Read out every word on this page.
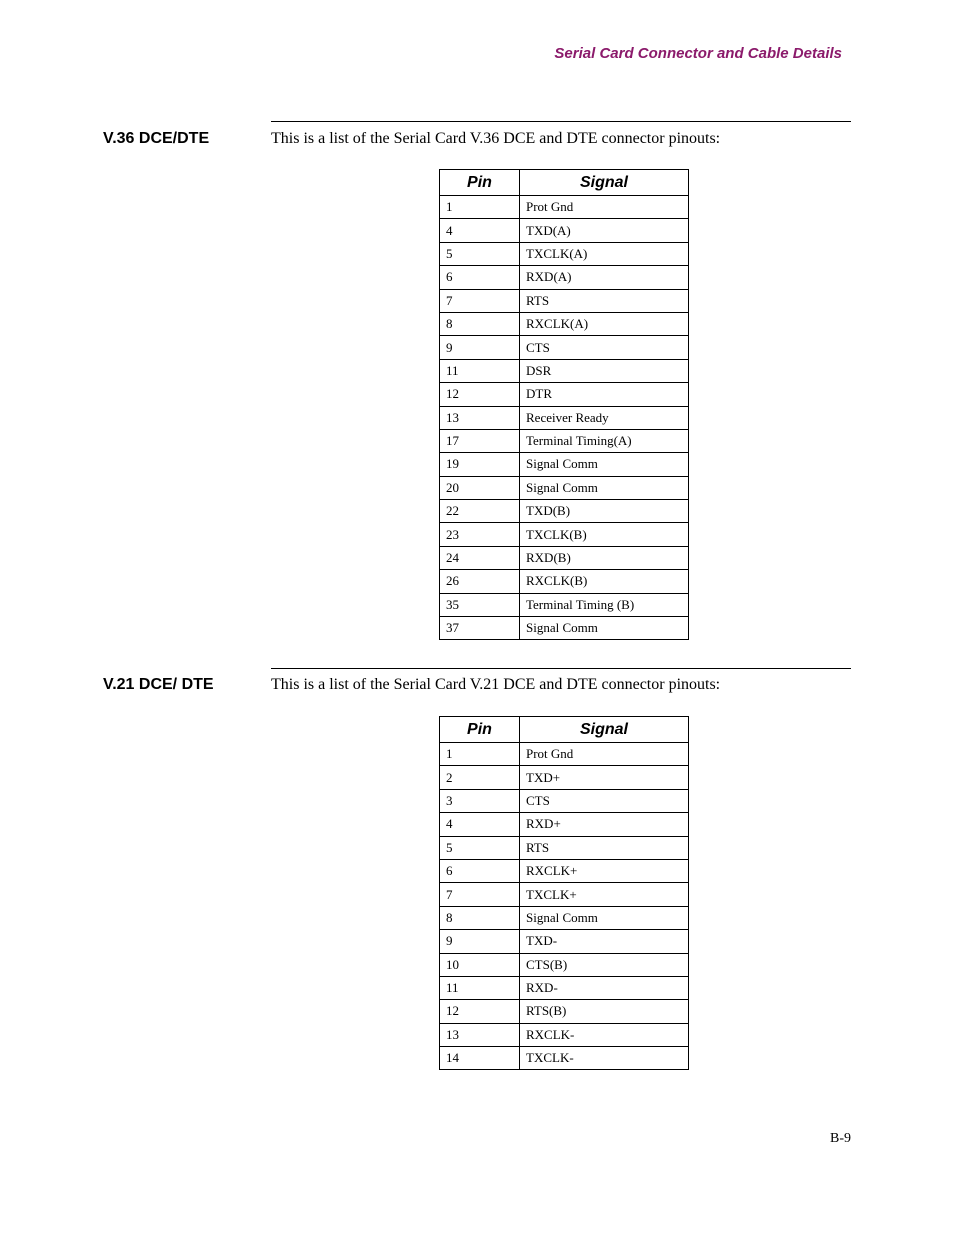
Serial Card Connector and Cable Details
V.36 DCE/DTE	This is a list of the Serial Card V.36 DCE and DTE connector pinouts:
Pin	Signal
1	Prot Gnd
4	TXD(A)
5	TXCLK(A)
6	RXD(A)
7	RTS
8	RXCLK(A)
9	CTS
11	DSR
12	DTR
13	Receiver Ready
17	Terminal Timing(A)
19	Signal Comm
20	Signal Comm
22	TXD(B)
23	TXCLK(B)
24	RXD(B)
26	RXCLK(B)
35	Terminal Timing (B)
37	Signal Comm
V.21 DCE/ DTE	This is a list of the Serial Card V.21 DCE and DTE connector pinouts:
Pin	Signal
1	Prot Gnd
2	TXD+
3	CTS
4	RXD+
5	RTS
6	RXCLK+
7	TXCLK+
8	Signal Comm
9	TXD-
10	CTS(B)
11	RXD-
12	RTS(B)
13	RXCLK-
14	TXCLK-
B-9
